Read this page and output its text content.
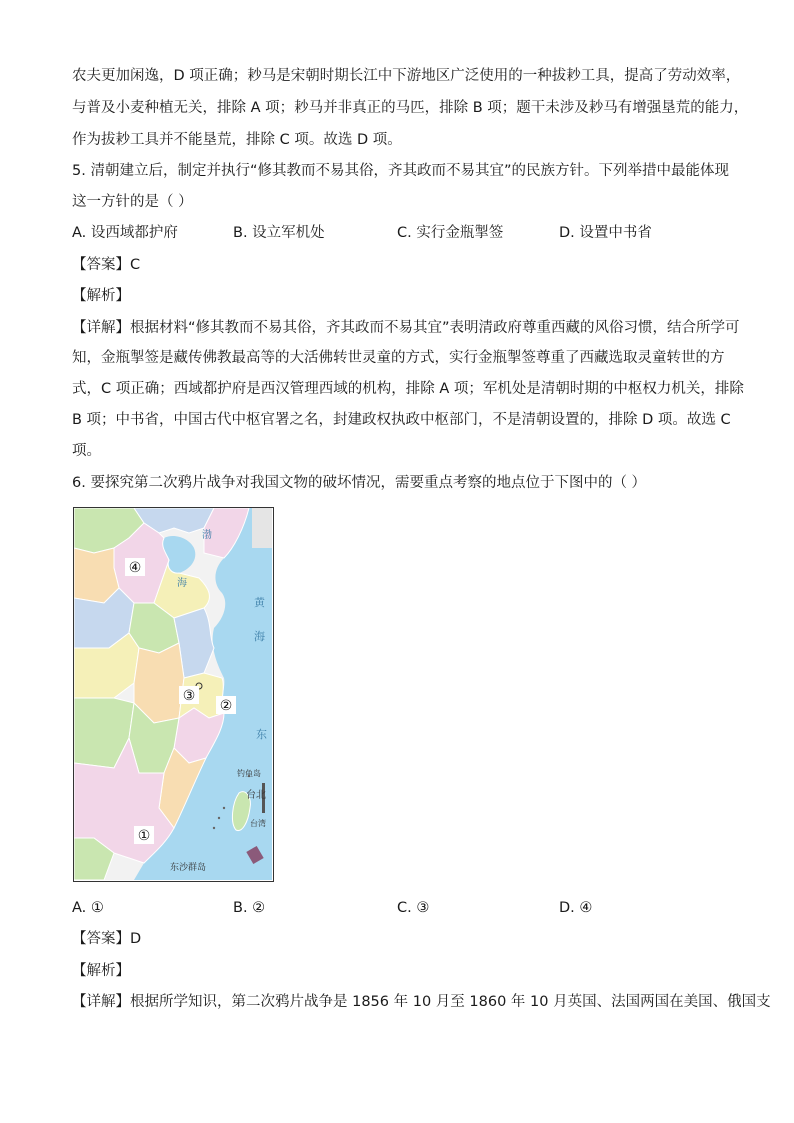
农夫更加闲逸，D 项正确；耖马是宋朝时期长江中下游地区广泛使用的一种拔耖工具，提高了劳动效率，
与普及小麦种植无关，排除 A 项；耖马并非真正的马匹，排除 B 项；题干未涉及耖马有增强垦荒的能力，
作为拔耖工具并不能垦荒，排除 C 项。故选 D 项。
5. 清朝建立后，制定并执行“修其教而不易其俗，齐其政而不易其宜”的民族方针。下列举措中最能体现
这一方针的是（ ）
A. 设西域都护府	B. 设立军机处	C. 实行金瓶掣签	D. 设置中书省
【答案】C
【解析】
【详解】根据材料“修其教而不易其俗，齐其政而不易其宜”表明清政府尊重西藏的风俗习惯，结合所学可
知，金瓶掣签是藏传佛教最高等的大活佛转世灵童的方式，实行金瓶掣签尊重了西藏选取灵童转世的方
式，C 项正确；西域都护府是西汉管理西域的机构，排除 A 项；军机处是清朝时期的中枢权力机关，排除
B 项；中书省，中国古代中枢官署之名，封建政权执政中枢部门，不是清朝设置的，排除 D 项。故选 C
项。
6. 要探究第二次鸦片战争对我国文物的破坏情况，需要重点考察的地点位于下图中的（ ）
渤
海
黄
海
东
钓鱼岛
台北
台湾
东沙群岛
④
③
②
①
A. ①	B. ②	C. ③	D. ④
【答案】D
【解析】
【详解】根据所学知识，第二次鸦片战争是 1856 年 10 月至 1860 年 10 月英国、法国两国在美国、俄国支
